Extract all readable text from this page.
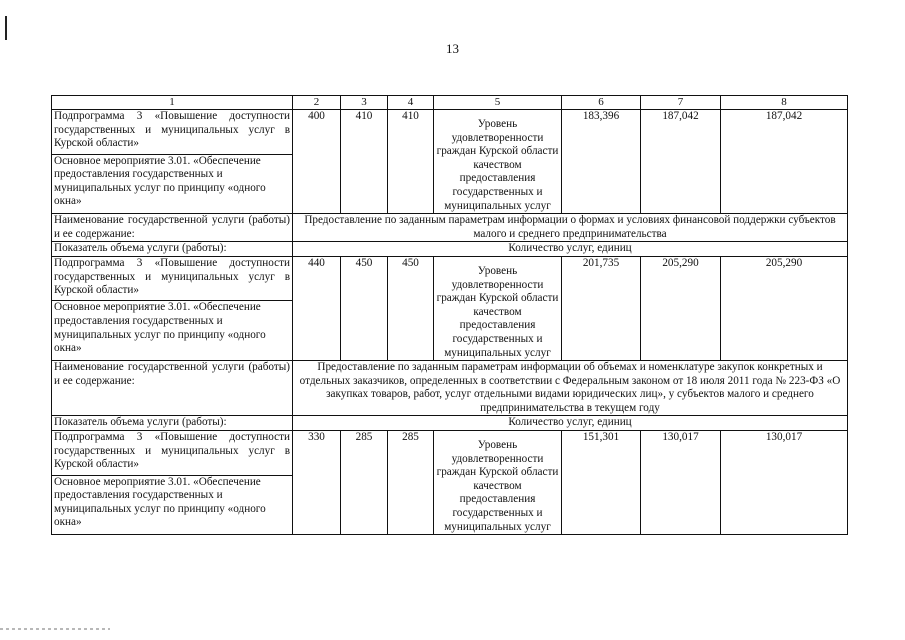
13
1	2	3	4	5	6	7	8
Подпрограмма 3 «Повышение доступности государственных и муниципальных услуг в Курской области»	400	410	410	Уровень удовлетворенности граждан Курской области качеством предоставления государственных и муниципальных услуг	183,396	187,042	187,042
Основное мероприятие 3.01. «Обеспечение предоставления государственных и муниципальных услуг по принципу «одного окна»							
Наименование государственной услуги (работы) и ее содержание:	Предоставление по заданным параметрам информации о формах и условиях финансовой поддержки субъектов малого и среднего предпринимательства						
Показатель объема услуги (работы):	Количество услуг, единиц						
Подпрограмма 3 «Повышение доступности государственных и муниципальных услуг в Курской области»	440	450	450	Уровень удовлетворенности граждан Курской области качеством предоставления государственных и муниципальных услуг	201,735	205,290	205,290
Основное мероприятие 3.01. «Обеспечение предоставления государственных и муниципальных услуг по принципу «одного окна»							
Наименование государственной услуги (работы) и ее содержание:	Предоставление по заданным параметрам информации об объемах и номенклатуре закупок конкретных и отдельных заказчиков, определенных в соответствии с Федеральным законом от 18 июля 2011 года № 223-ФЗ «О закупках товаров, работ, услуг отдельными видами юридических лиц», у субъектов малого и среднего предпринимательства в текущем году						
Показатель объема услуги (работы):	Количество услуг, единиц						
Подпрограмма 3 «Повышение доступности государственных и муниципальных услуг в Курской области»	330	285	285	Уровень удовлетворенности граждан Курской области качеством предоставления государственных и муниципальных услуг	151,301	130,017	130,017
Основное мероприятие 3.01. «Обеспечение предоставления государственных и муниципальных услуг по принципу «одного окна»							
